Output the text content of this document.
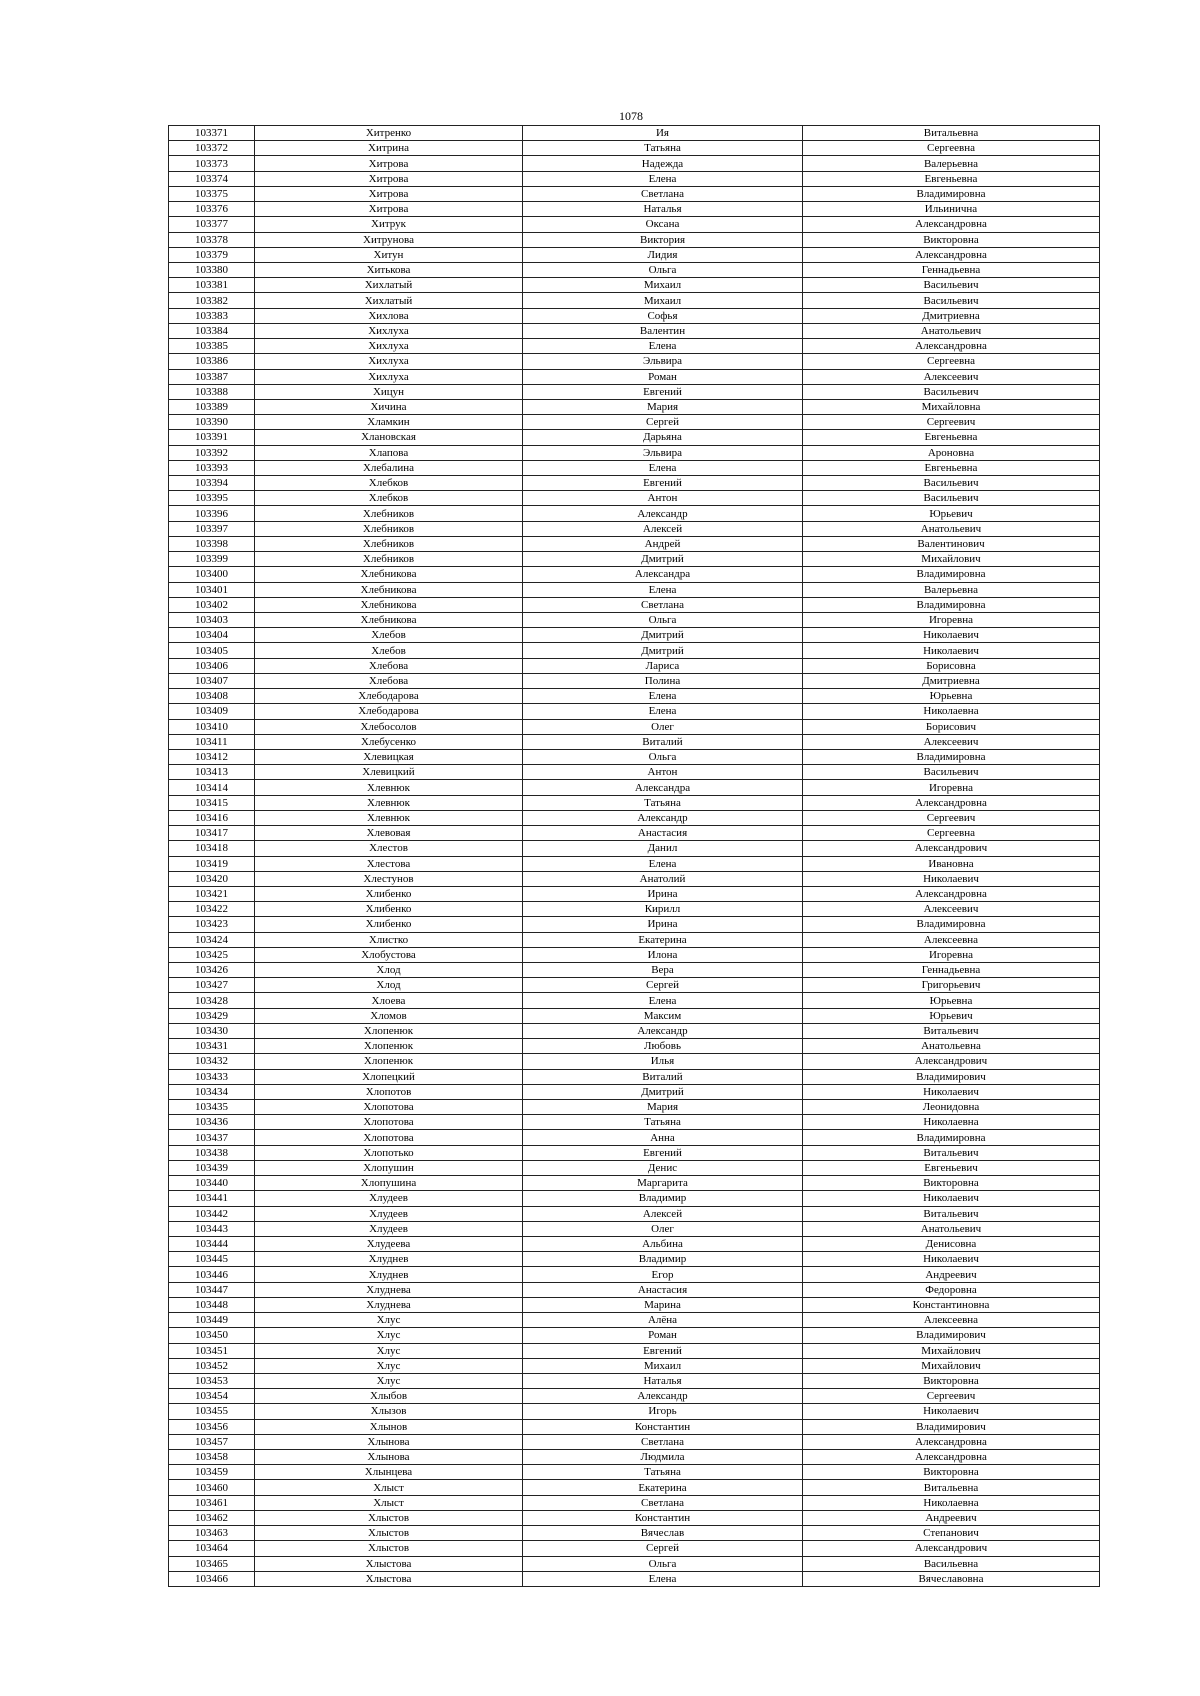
1078
103371	Хитренко	Ия	Витальевна
103372	Хитрина	Татьяна	Сергеевна
103373	Хитрова	Надежда	Валерьевна
103374	Хитрова	Елена	Евгеньевна
103375	Хитрова	Светлана	Владимировна
103376	Хитрова	Наталья	Ильинична
103377	Хитрук	Оксана	Александровна
103378	Хитрунова	Виктория	Викторовна
103379	Хитун	Лидия	Александровна
103380	Хитькова	Ольга	Геннадьевна
103381	Хихлатый	Михаил	Васильевич
103382	Хихлатый	Михаил	Васильевич
103383	Хихлова	Софья	Дмитриевна
103384	Хихлуха	Валентин	Анатольевич
103385	Хихлуха	Елена	Александровна
103386	Хихлуха	Эльвира	Сергеевна
103387	Хихлуха	Роман	Алексеевич
103388	Хицун	Евгений	Васильевич
103389	Хичина	Мария	Михайловна
103390	Хламкин	Сергей	Сергеевич
103391	Хлановская	Дарьяна	Евгеньевна
103392	Хлапова	Эльвира	Ароновна
103393	Хлебалина	Елена	Евгеньевна
103394	Хлебков	Евгений	Васильевич
103395	Хлебков	Антон	Васильевич
103396	Хлебников	Александр	Юрьевич
103397	Хлебников	Алексей	Анатольевич
103398	Хлебников	Андрей	Валентинович
103399	Хлебников	Дмитрий	Михайлович
103400	Хлебникова	Александра	Владимировна
103401	Хлебникова	Елена	Валерьевна
103402	Хлебникова	Светлана	Владимировна
103403	Хлебникова	Ольга	Игоревна
103404	Хлебов	Дмитрий	Николаевич
103405	Хлебов	Дмитрий	Николаевич
103406	Хлебова	Лариса	Борисовна
103407	Хлебова	Полина	Дмитриевна
103408	Хлебодарова	Елена	Юрьевна
103409	Хлебодарова	Елена	Николаевна
103410	Хлебосолов	Олег	Борисович
103411	Хлебусенко	Виталий	Алексеевич
103412	Хлевицкая	Ольга	Владимировна
103413	Хлевицкий	Антон	Васильевич
103414	Хлевнюк	Александра	Игоревна
103415	Хлевнюк	Татьяна	Александровна
103416	Хлевнюк	Александр	Сергеевич
103417	Хлевовая	Анастасия	Сергеевна
103418	Хлестов	Данил	Александрович
103419	Хлестова	Елена	Ивановна
103420	Хлестунов	Анатолий	Николаевич
103421	Хлибенко	Ирина	Александровна
103422	Хлибенко	Кирилл	Алексеевич
103423	Хлибенко	Ирина	Владимировна
103424	Хлистко	Екатерина	Алексеевна
103425	Хлобустова	Илона	Игоревна
103426	Хлод	Вера	Геннадьевна
103427	Хлод	Сергей	Григорьевич
103428	Хлоева	Елена	Юрьевна
103429	Хломов	Максим	Юрьевич
103430	Хлопенюк	Александр	Витальевич
103431	Хлопенюк	Любовь	Анатольевна
103432	Хлопенюк	Илья	Александрович
103433	Хлопецкий	Виталий	Владимирович
103434	Хлопотов	Дмитрий	Николаевич
103435	Хлопотова	Мария	Леонидовна
103436	Хлопотова	Татьяна	Николаевна
103437	Хлопотова	Анна	Владимировна
103438	Хлопотько	Евгений	Витальевич
103439	Хлопушин	Денис	Евгеньевич
103440	Хлопушина	Маргарита	Викторовна
103441	Хлудеев	Владимир	Николаевич
103442	Хлудеев	Алексей	Витальевич
103443	Хлудеев	Олег	Анатольевич
103444	Хлудеева	Альбина	Денисовна
103445	Хлуднев	Владимир	Николаевич
103446	Хлуднев	Егор	Андреевич
103447	Хлуднева	Анастасия	Федоровна
103448	Хлуднева	Марина	Константиновна
103449	Хлус	Алёна	Алексеевна
103450	Хлус	Роман	Владимирович
103451	Хлус	Евгений	Михайлович
103452	Хлус	Михаил	Михайлович
103453	Хлус	Наталья	Викторовна
103454	Хлыбов	Александр	Сергеевич
103455	Хлызов	Игорь	Николаевич
103456	Хлынов	Константин	Владимирович
103457	Хлынова	Светлана	Александровна
103458	Хлынова	Людмила	Александровна
103459	Хлынцева	Татьяна	Викторовна
103460	Хлыст	Екатерина	Витальевна
103461	Хлыст	Светлана	Николаевна
103462	Хлыстов	Константин	Андреевич
103463	Хлыстов	Вячеслав	Степанович
103464	Хлыстов	Сергей	Александрович
103465	Хлыстова	Ольга	Васильевна
103466	Хлыстова	Елена	Вячеславовна
